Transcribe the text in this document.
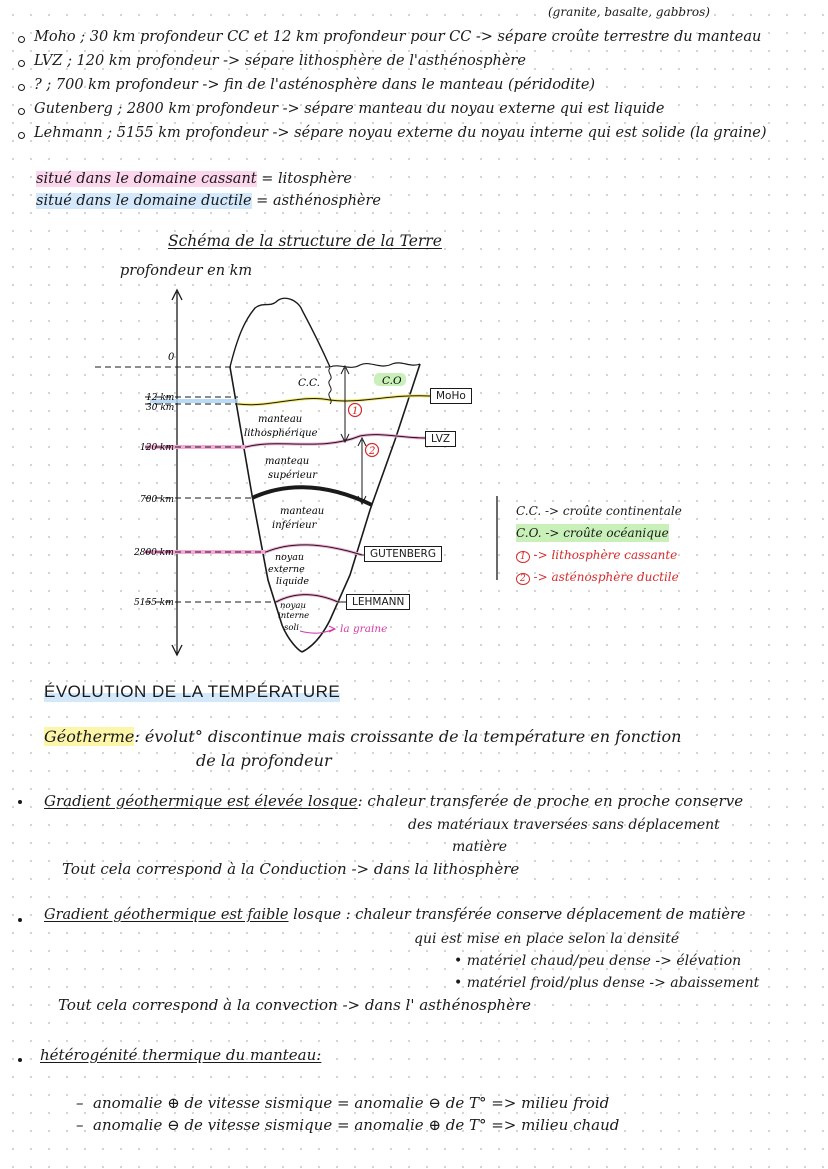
(granite, basalte, gabbros)
Moho ; 30 km profondeur CC et 12 km profondeur pour CC -> sépare croûte terrestre du manteau
LVZ ; 120 km profondeur -> sépare lithosphère de l'asthénosphère
? ; 700 km profondeur -> fin de l'asténosphère dans le manteau (péridodite)
Gutenberg ; 2800 km profondeur -> sépare manteau du noyau externe qui est liquide
Lehmann ; 5155 km profondeur -> sépare noyau externe du noyau interne qui est solide (la graine)
situé dans le domaine cassant = litosphère
situé dans le domaine ductile = asthénosphère
Schéma de la structure de la Terre
profondeur en km
1
2
0
12 km
30 km
120 km
700 km
2800 km
5155 km
C.C.	C.O
manteau
lithosphérique
manteau
supérieur
manteau
inférieur
noyau
externe
liquide
noyau
interne
soli	la graine
MoHo
LVZ
GUTENBERG
LEHMANN
C.C. -> croûte continentale
C.O. -> croûte océanique
1 -> lithosphère cassante
2 -> asténosphère ductile
ÉVOLUTION DE LA TEMPÉRATURE
Géotherme: évolut° discontinue mais croissante de la température en fonction
de la profondeur
Gradient géothermique est élevée losque: chaleur transferée de proche en proche conserve
des matériaux traversées sans déplacement
matière
Tout cela correspond à la Conduction -> dans la lithosphère
Gradient géothermique est faible losque : chaleur transférée conserve déplacement de matière
qui est mise en place selon la densité
• matériel chaud/peu dense -> élévation
• matériel froid/plus dense -> abaissement
Tout cela correspond à la convection -> dans l' asthénosphère
hétérogénité thermique du manteau:
–  anomalie ⊕ de vitesse sismique = anomalie ⊖ de T° => milieu froid
–  anomalie ⊖ de vitesse sismique = anomalie ⊕ de T° => milieu chaud
